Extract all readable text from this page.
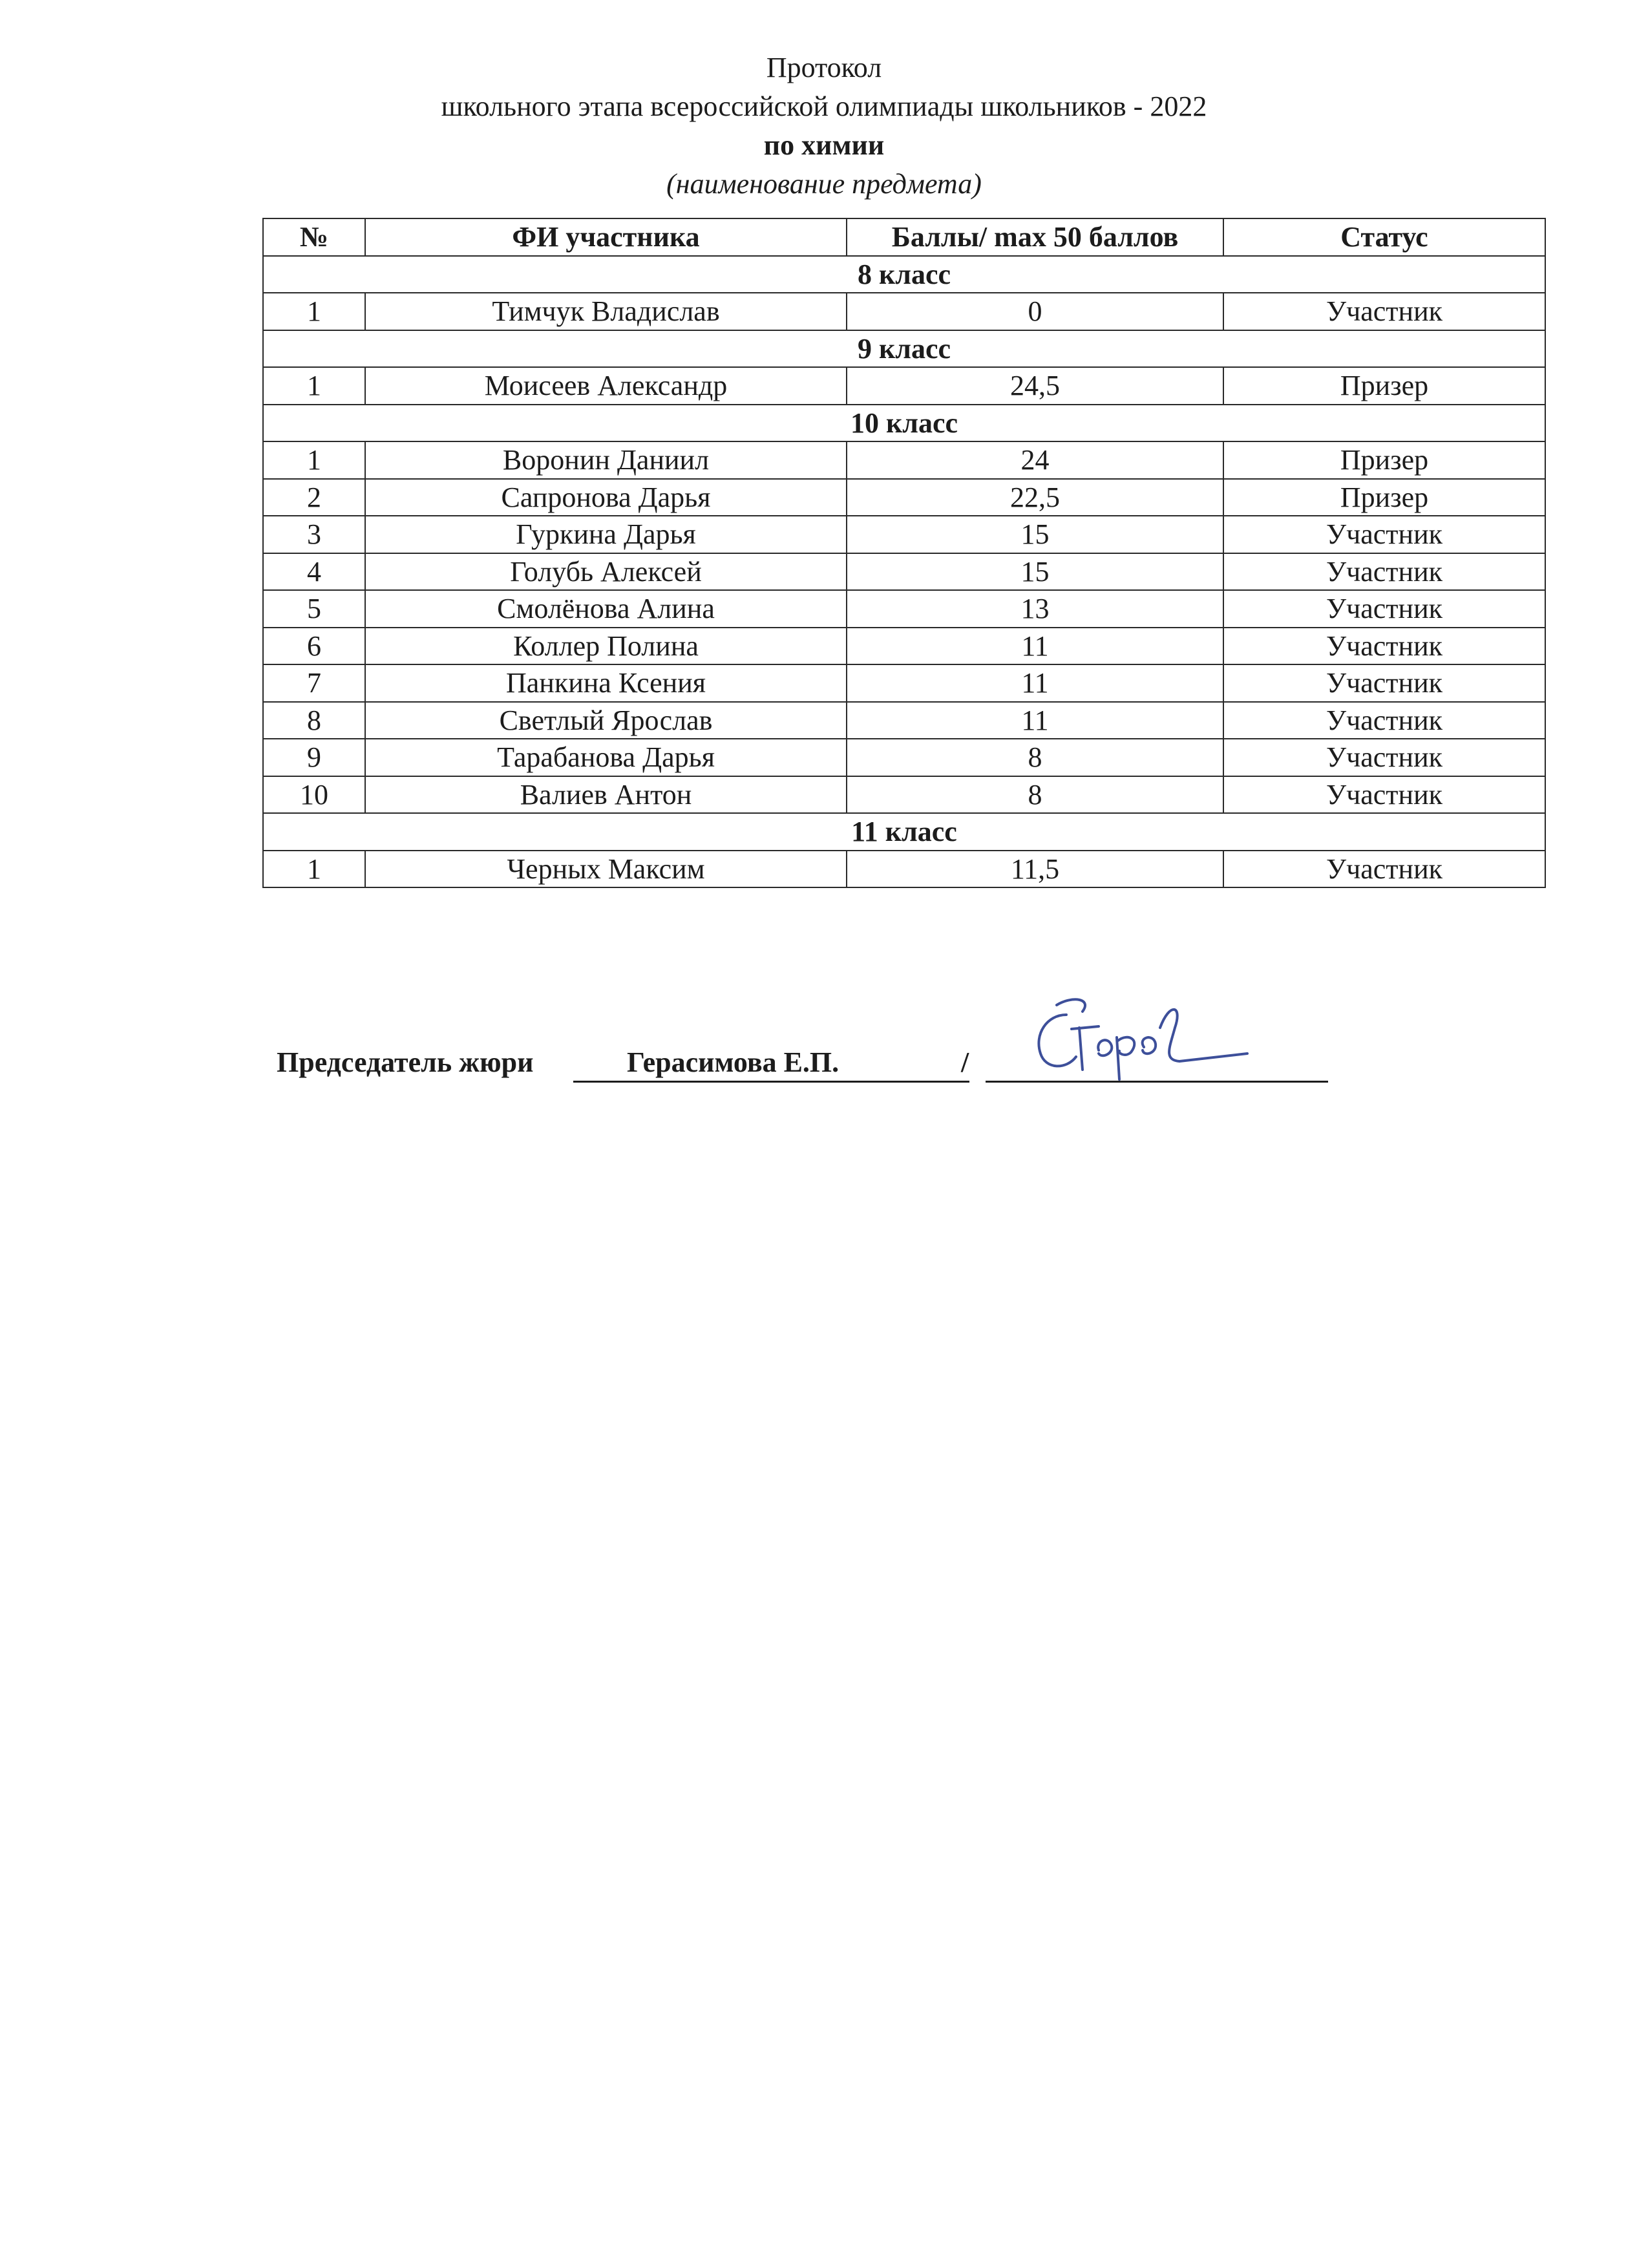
Протокол
школьного этапа всероссийской олимпиады школьников - 2022
по химии
(наименование предмета)
№	ФИ участника	Баллы/ max 50 баллов	Статус
8 класс			
1	Тимчук Владислав	0	Участник
9 класс			
1	Моисеев Александр	24,5	Призер
10 класс			
1	Воронин Даниил	24	Призер
2	Сапронова Дарья	22,5	Призер
3	Гуркина Дарья	15	Участник
4	Голубь Алексей	15	Участник
5	Смолёнова Алина	13	Участник
6	Коллер Полина	11	Участник
7	Панкина Ксения	11	Участник
8	Светлый Ярослав	11	Участник
9	Тарабанова Дарья	8	Участник
10	Валиев Антон	8	Участник
11 класс			
1	Черных Максим	11,5	Участник
Председатель жюри	Герасимова Е.П.	/
